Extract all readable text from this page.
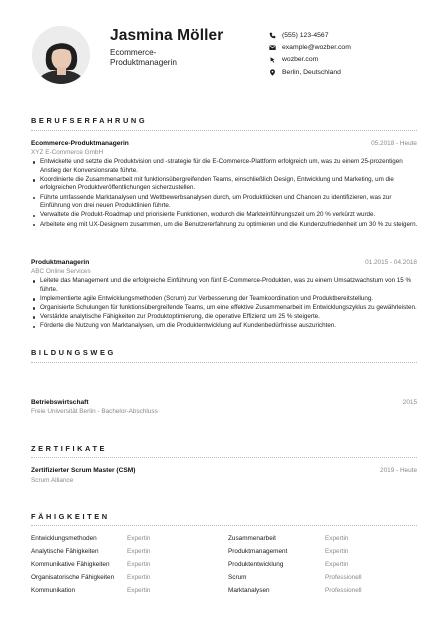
Jasmina Möller
Ecommerce-Produktmanagerin
(555) 123-4567
example@wozber.com
wozber.com
Berlin, Deutschland
BERUFSERFAHRUNG
Ecommerce-Produktmanagerin	05.2018 - Heute
XYZ E-Commerce GmbH
Entwickelte und setzte die Produktvision und -strategie für die E-Commerce-Plattform erfolgreich um, was zu einem 25-prozentigen Anstieg der Konversionsrate führte.
Koordinierte die Zusammenarbeit mit funktionsübergreifenden Teams, einschließlich Design, Entwicklung und Marketing, um die erfolgreichen Produktveröffentlichungen sicherzustellen.
Führte umfassende Marktanalysen und Wettbewerbsanalysen durch, um Produktlücken und Chancen zu identifizieren, was zur Einführung von drei neuen Produktlinien führte.
Verwaltete die Produkt-Roadmap und priorisierte Funktionen, wodurch die Markteinführungszeit um 20 % verkürzt wurde.
Arbeitete eng mit UX-Designern zusammen, um die Benutzererfahrung zu optimieren und die Kundenzufriedenheit um 30 % zu steigern.
Produktmanagerin	01.2015 - 04.2018
ABC Online Services
Leitete das Management und die erfolgreiche Einführung von fünf E-Commerce-Produkten, was zu einem Umsatzwachstum von 15 % führte.
Implementierte agile Entwicklungsmethoden (Scrum) zur Verbesserung der Teamkoordination und Produktbereitstellung.
Organisierte Schulungen für funktionsübergreifende Teams, um eine effektive Zusammenarbeit im Entwicklungszyklus zu gewährleisten.
Verstärkte analytische Fähigkeiten zur Produktoptimierung, die operative Effizienz um 25 % steigerte.
Förderte die Nutzung von Marktanalysen, um die Produktentwicklung auf Kundenbedürfnisse auszurichten.
BILDUNGSWEG
Betriebswirtschaft	2015
Freie Universität Berlin - Bachelor-Abschluss
ZERTIFIKATE
Zertifizierter Scrum Master (CSM)	2019 - Heute
Scrum Alliance
FÄHIGKEITEN
Entwicklungsmethoden	Expertin	Zusammenarbeit	Expertin
Analytische Fähigkeiten	Expertin	Produktmanagement	Expertin
Kommunikative Fähigkeiten	Expertin	Produktentwicklung	Expertin
Organisatorische Fähigkeiten Expertin	Scrum	Professionell
Kommunikation	Expertin	Marktanalysen	Professionell
